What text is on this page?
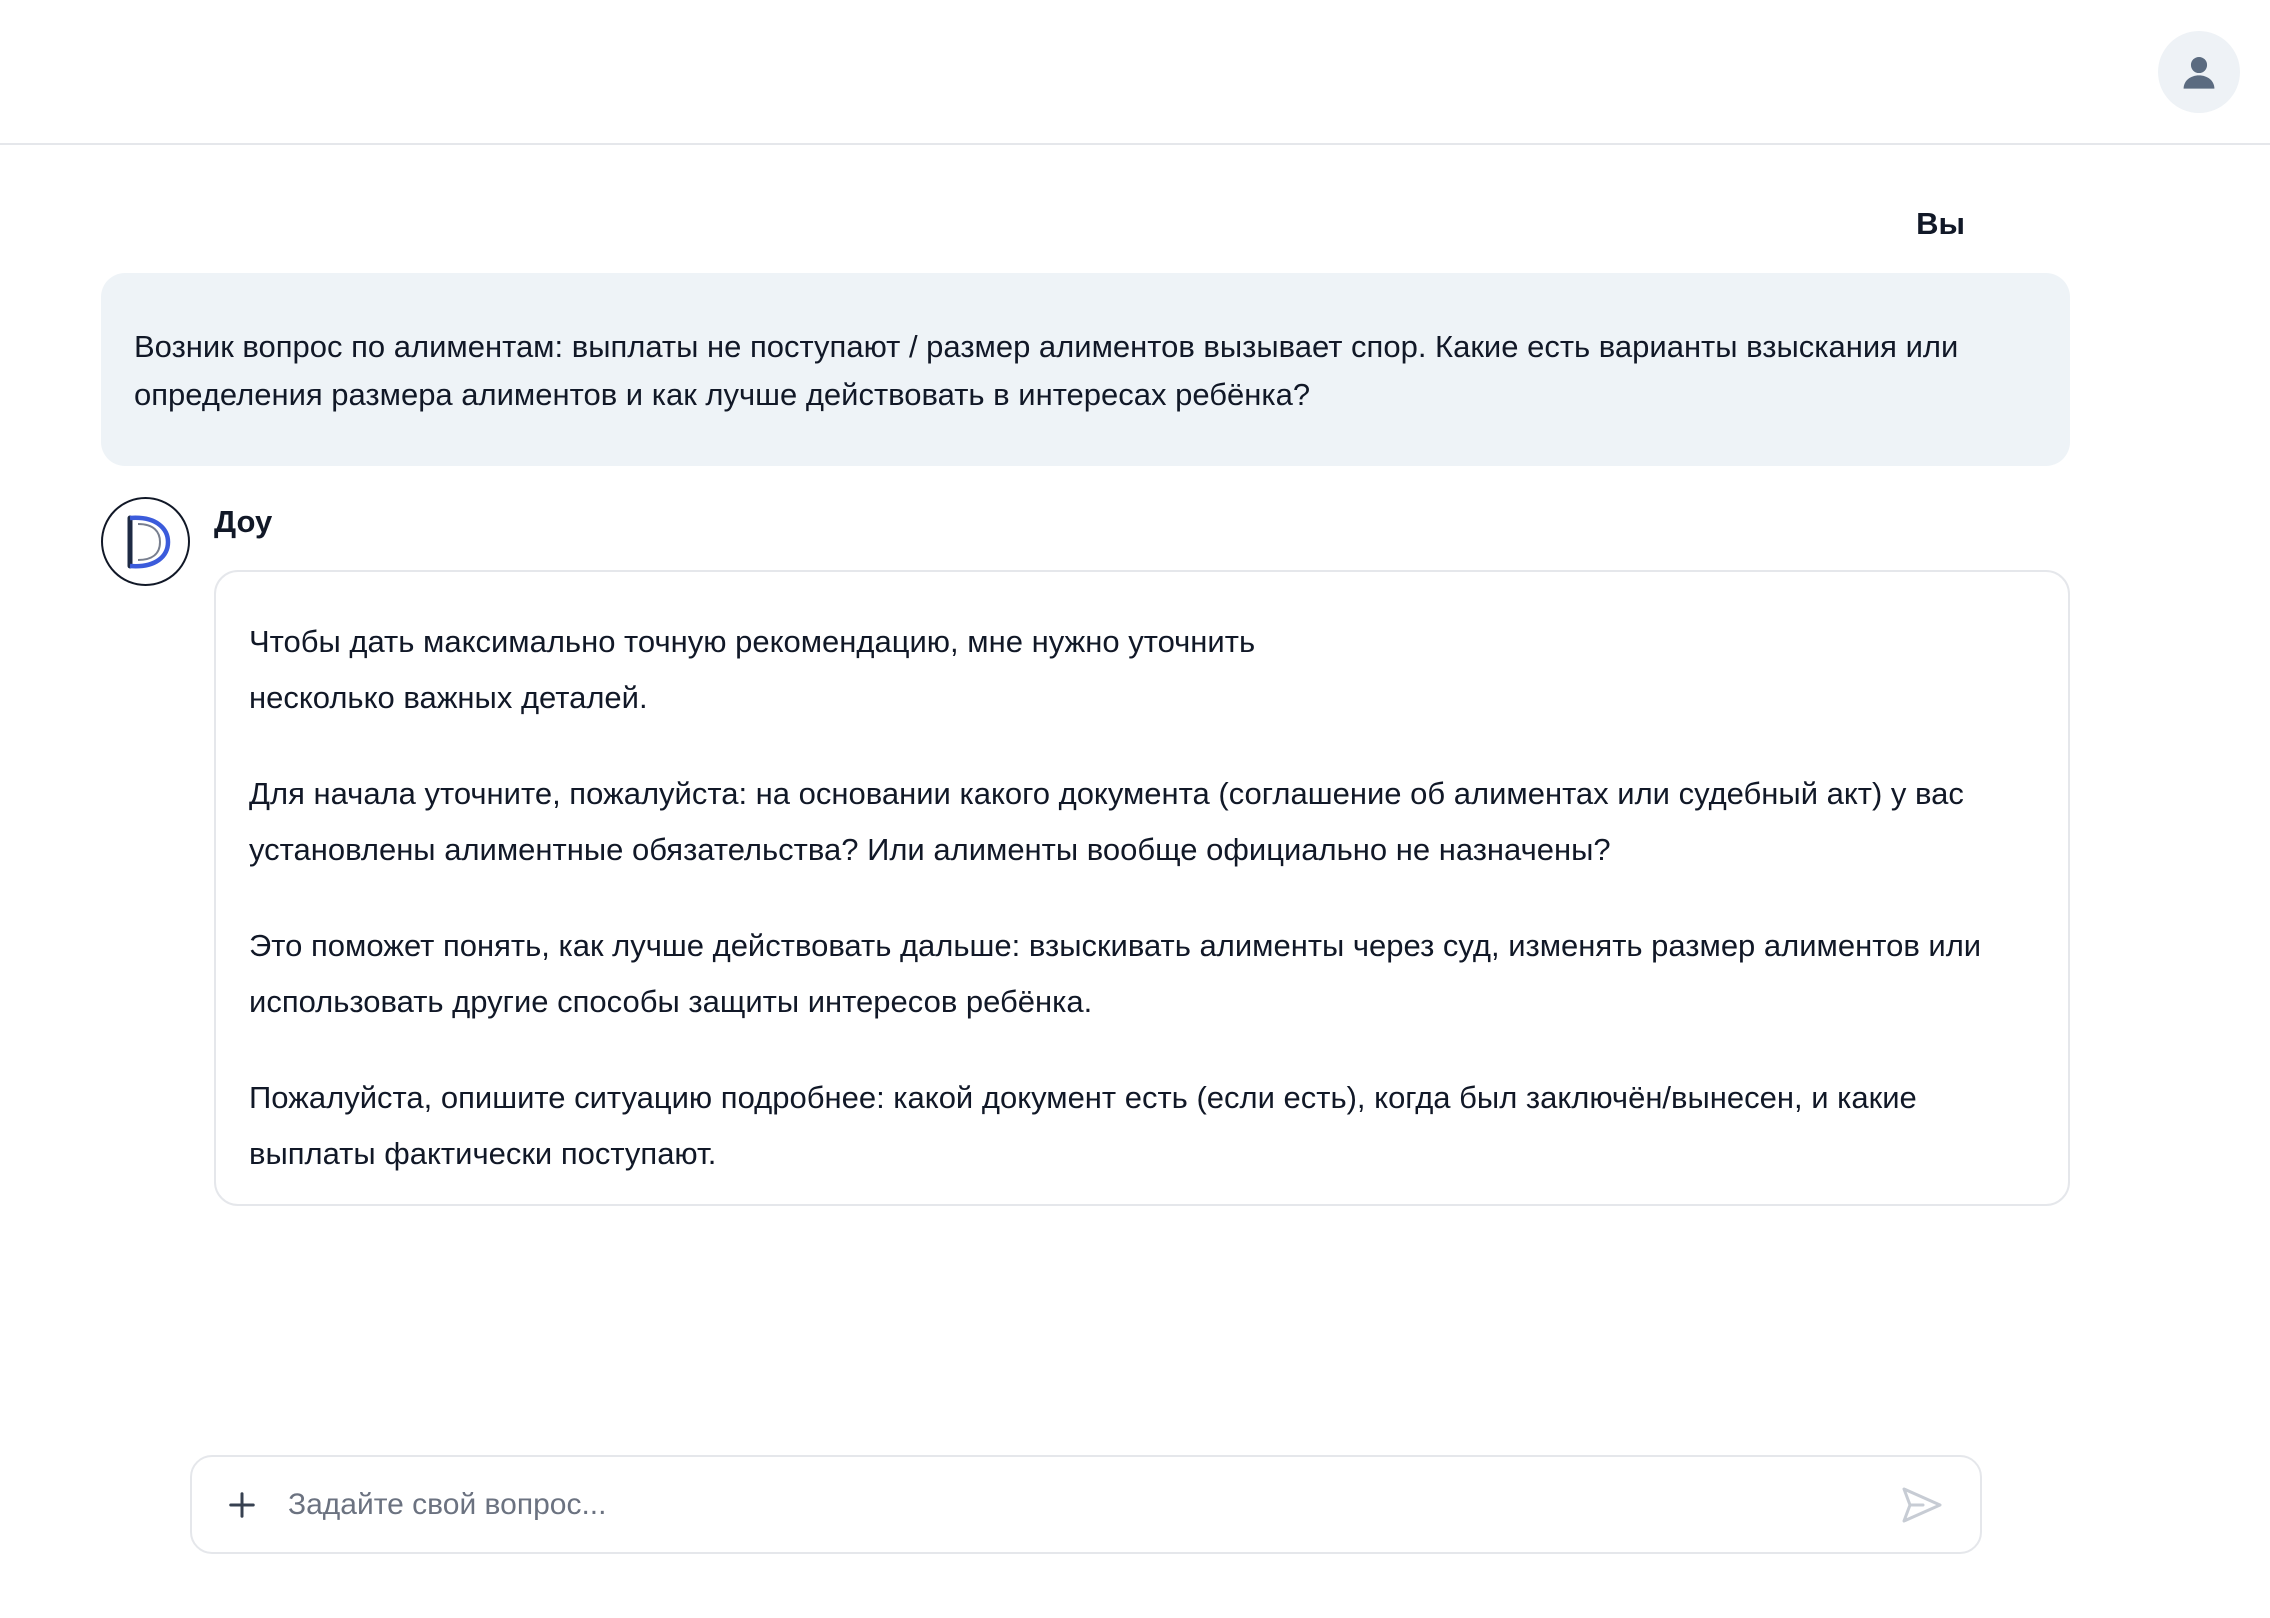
Вы
Возник вопрос по алиментам: выплаты не поступают / размер алиментов вызывает спор. Какие есть варианты взыскания или определения размера алиментов и как лучше действовать в интересах ребёнка?
Доу

Чтобы дать максимально точную рекомендацию, мне нужно уточнить
несколько важных деталей.

Для начала уточните, пожалуйста: на основании какого документа (соглашение об алиментах или судебный акт) у вас установлены алиментные обязательства? Или алименты вообще официально не назначены?

Это поможет понять, как лучше действовать дальше: взыскивать алименты через суд, изменять размер алиментов или использовать другие способы защиты интересов ребёнка.

Пожалуйста, опишите ситуацию подробнее: какой документ есть (если есть), когда был заключён/вынесен, и какие выплаты фактически поступают.

Задайте свой вопрос...
